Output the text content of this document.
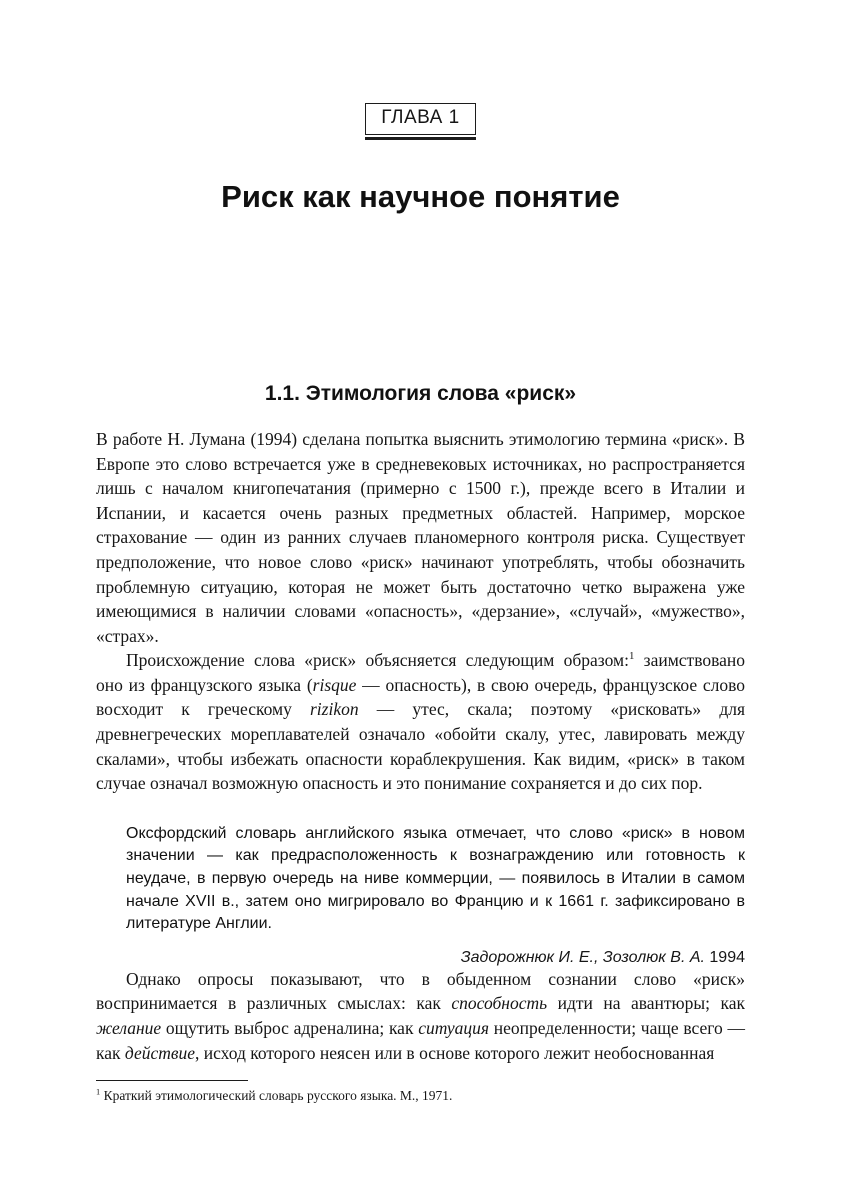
ГЛАВА 1
Риск как научное понятие
1.1. Этимология слова «риск»

В работе Н. Лумана (1994) сделана попытка выяснить этимологию термина «риск». В Европе это слово встречается уже в средневековых источниках, но распространяется лишь с началом книгопечатания (примерно с 1500 г.), прежде всего в Италии и Испании, и касается очень разных предметных областей. Например, морское страхование — один из ранних случаев планомерного контроля риска. Существует предположение, что новое слово «риск» начинают употреблять, чтобы обозначить проблемную ситуацию, которая не может быть достаточно четко выражена уже имеющимися в наличии словами «опасность», «дерзание», «случай», «мужество», «страх».

Происхождение слова «риск» объясняется следующим образом:$^1$ заимствовано оно из французского языка (risque — опасность), в свою очередь, французское слово восходит к греческому rizikon — утес, скала; поэтому «рисковать» для древнегреческих мореплавателей означало «обойти скалу, утес, лавировать между скалами», чтобы избежать опасности кораблекрушения. Как видим, «риск» в таком случае означал возможную опасность и это понимание сохраняется и до сих пор.

Оксфордский словарь английского языка отмечает, что слово «риск» в новом значении — как предрасположенность к вознаграждению или готовность к неудаче, в первую очередь на ниве коммерции, — появилось в Италии в самом начале XVII в., затем оно мигрировало во Францию и к 1661 г. зафиксировано в литературе Англии.
Задорожнюк И. Е., Зозолюк В. А. 1994

Однако опросы показывают, что в обыденном сознании слово «риск» воспринимается в различных смыслах: как способность идти на авантюры; как желание ощутить выброс адреналина; как ситуация неопределенности; чаще всего — как действие, исход которого неясен или в основе которого лежит необоснованная

$^1$ Краткий этимологический словарь русского языка. М., 1971.
